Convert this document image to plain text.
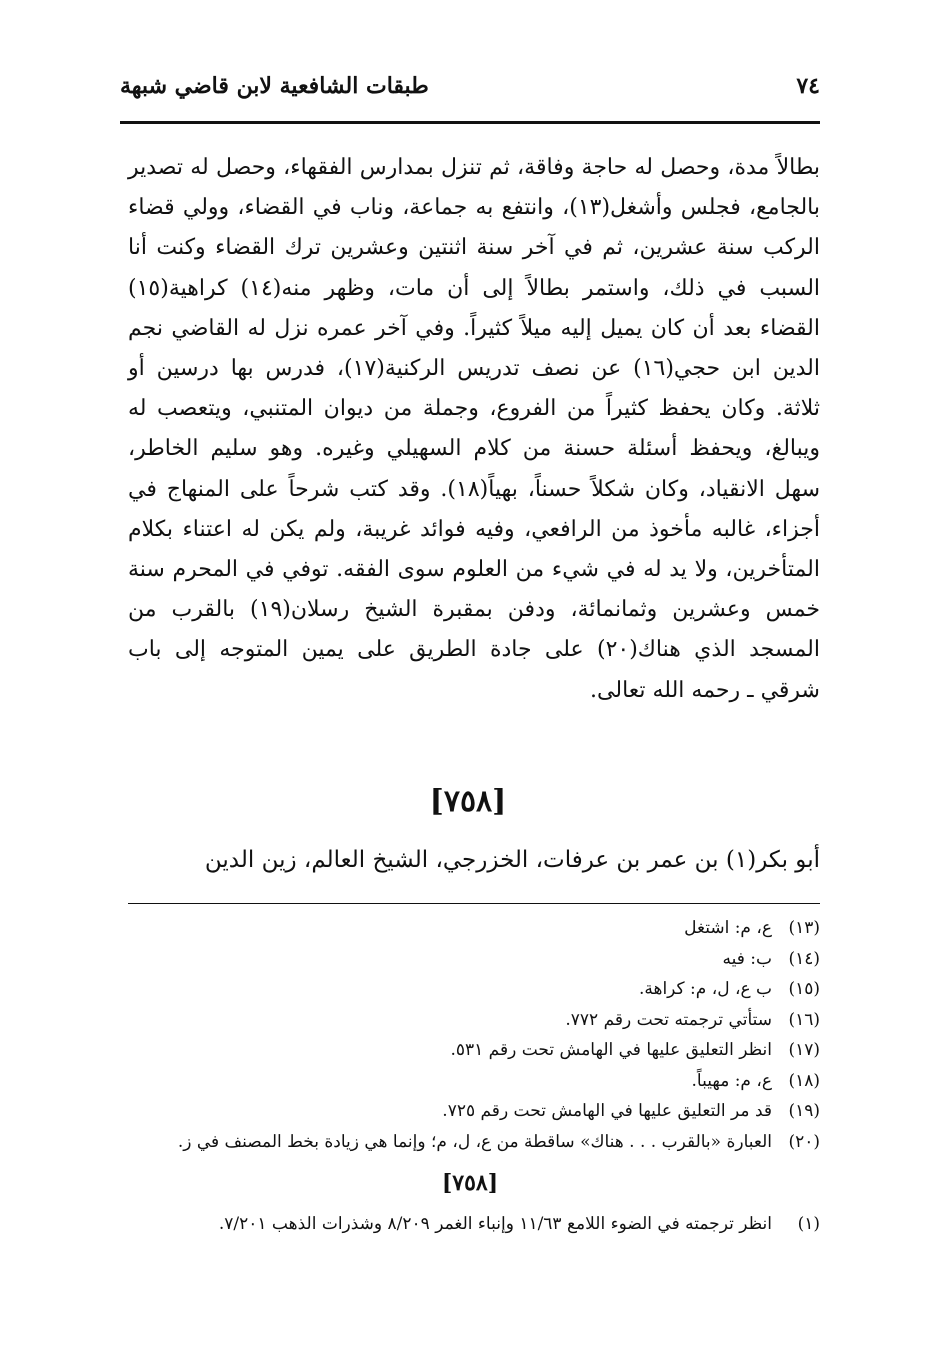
٧٤
طبقات الشافعية لابن قاضي شبهة

بطالاً مدة، وحصل له حاجة وفاقة، ثم تنزل بمدارس الفقهاء، وحصل له تصدير بالجامع، فجلس وأشغل(١٣)، وانتفع به جماعة، وناب في القضاء، وولي قضاء الركب سنة عشرين، ثم في آخر سنة اثنتين وعشرين ترك القضاء وكنت أنا السبب في ذلك، واستمر بطالاً إلى أن مات، وظهر منه(١٤) كراهية(١٥) القضاء بعد أن كان يميل إليه ميلاً كثيراً. وفي آخر عمره نزل له القاضي نجم الدين ابن حجي(١٦) عن نصف تدريس الركنية(١٧)، فدرس بها درسين أو ثلاثة. وكان يحفظ كثيراً من الفروع، وجملة من ديوان المتنبي، ويتعصب له ويبالغ، ويحفظ أسئلة حسنة من كلام السهيلي وغيره. وهو سليم الخاطر، سهل الانقياد، وكان شكلاً حسناً، بهياً(١٨). وقد كتب شرحاً على المنهاج في أجزاء، غالبه مأخوذ من الرافعي، وفيه فوائد غريبة، ولم يكن له اعتناء بكلام المتأخرين، ولا يد له في شيء من العلوم سوى الفقه. توفي في المحرم سنة خمس وعشرين وثمانمائة، ودفن بمقبرة الشيخ رسلان(١٩) بالقرب من المسجد الذي هناك(٢٠) على جادة الطريق على يمين المتوجه إلى باب شرقي ـ رحمه الله تعالى.

[٧٥٨]
أبو بكر(١) بن عمر بن عرفات، الخزرجي، الشيخ العالم، زين الدين
(١٣)
ع، م: اشتغل
(١٤)
ب: فيه
(١٥)
ب ع، ل، م: كراهة.
(١٦)
ستأتي ترجمته تحت رقم ٧٧٢.
(١٧)
انظر التعليق عليها في الهامش تحت رقم ٥٣١.
(١٨)
ع، م: مهيباً.
(١٩)
قد مر التعليق عليها في الهامش تحت رقم ٧٢٥.
(٢٠)
العبارة «بالقرب . . . هناك» ساقطة من ع، ل، م؛ وإنما هي زيادة بخط المصنف في ز.
[٧٥٨]
(١)
انظر ترجمته في الضوء اللامع ١١/٦٣ وإنباء الغمر ٨/٢٠٩ وشذرات الذهب ٧/٢٠١.
